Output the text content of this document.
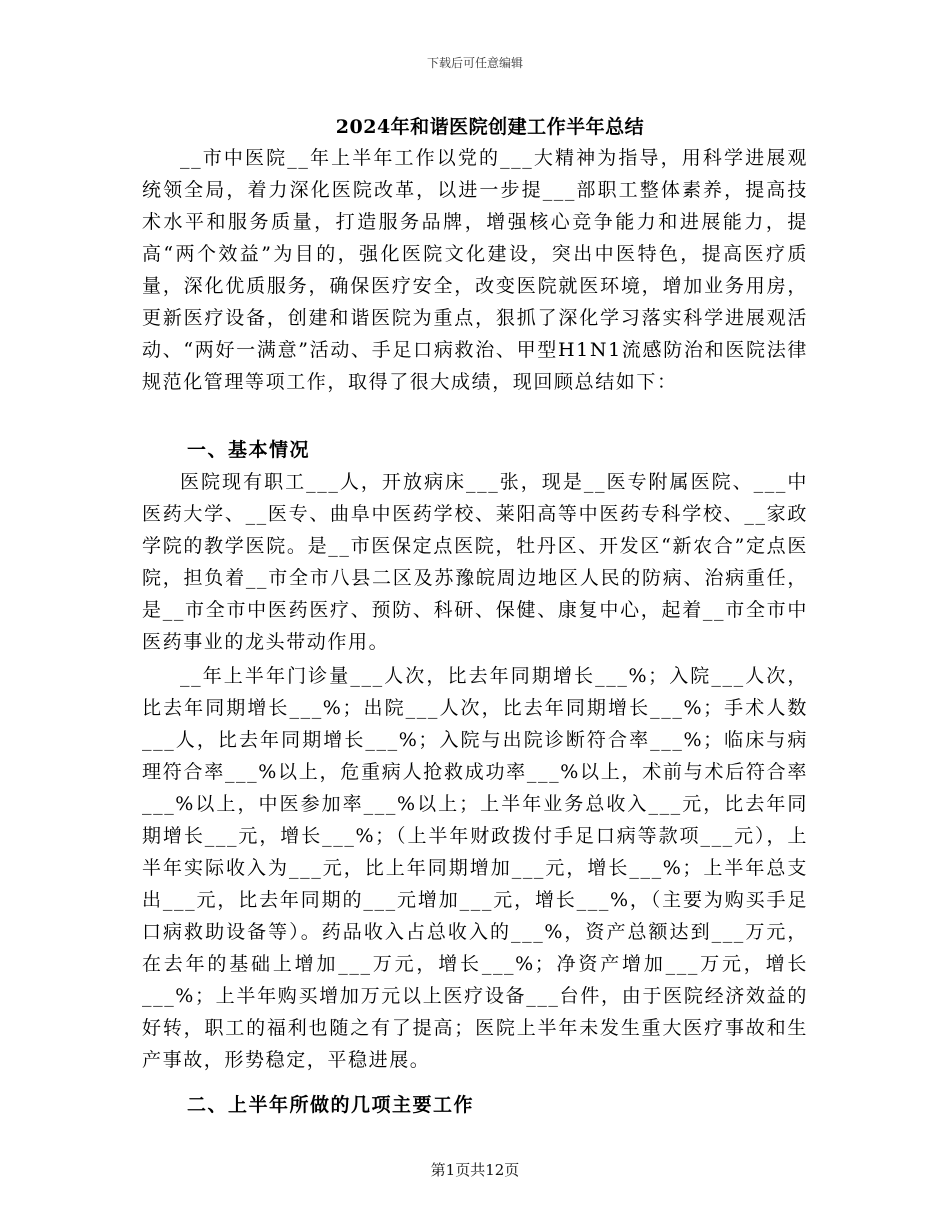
下载后可任意编辑
2024年和谐医院创建工作半年总结

__市中医院__年上半年工作以党的___大精神为指导，用科学进展观统领全局，着力深化医院改革，以进一步提___部职工整体素养，提高技术水平和服务质量，打造服务品牌，增强核心竞争能力和进展能力，提高“两个效益”为目的，强化医院文化建设，突出中医特色，提高医疗质量，深化优质服务，确保医疗安全，改变医院就医环境，增加业务用房，更新医疗设备，创建和谐医院为重点，狠抓了深化学习落实科学进展观活动、“两好一满意”活动、手足口病救治、甲型H1N1流感防治和医院法律规范化管理等项工作，取得了很大成绩，现回顾总结如下：

一、基本情况

医院现有职工___人，开放病床___张，现是__医专附属医院、___中医药大学、__医专、曲阜中医药学校、莱阳高等中医药专科学校、__家政学院的教学医院。是__市医保定点医院，牡丹区、开发区“新农合”定点医院，担负着__市全市八县二区及苏豫皖周边地区人民的防病、治病重任，是__市全市中医药医疗、预防、科研、保健、康复中心，起着__市全市中医药事业的龙头带动作用。

__年上半年门诊量___人次，比去年同期增长___%；入院___人次，比去年同期增长___%；出院___人次，比去年同期增长___%；手术人数___人，比去年同期增长___%；入院与出院诊断符合率___%；临床与病理符合率___%以上，危重病人抢救成功率___%以上，术前与术后符合率___%以上，中医参加率___%以上；上半年业务总收入___元，比去年同期增长___元，增长___%；（上半年财政拨付手足口病等款项___元），上半年实际收入为___元，比上年同期增加___元，增长___%；上半年总支出___元，比去年同期的___元增加___元，增长___%，（主要为购买手足口病救助设备等）。药品收入占总收入的___%，资产总额达到___万元，在去年的基础上增加___万元，增长___%；净资产增加___万元，增长___%；上半年购买增加万元以上医疗设备___台件，由于医院经济效益的好转，职工的福利也随之有了提高；医院上半年未发生重大医疗事故和生产事故，形势稳定，平稳进展。

二、上半年所做的几项主要工作

第1页共12页
